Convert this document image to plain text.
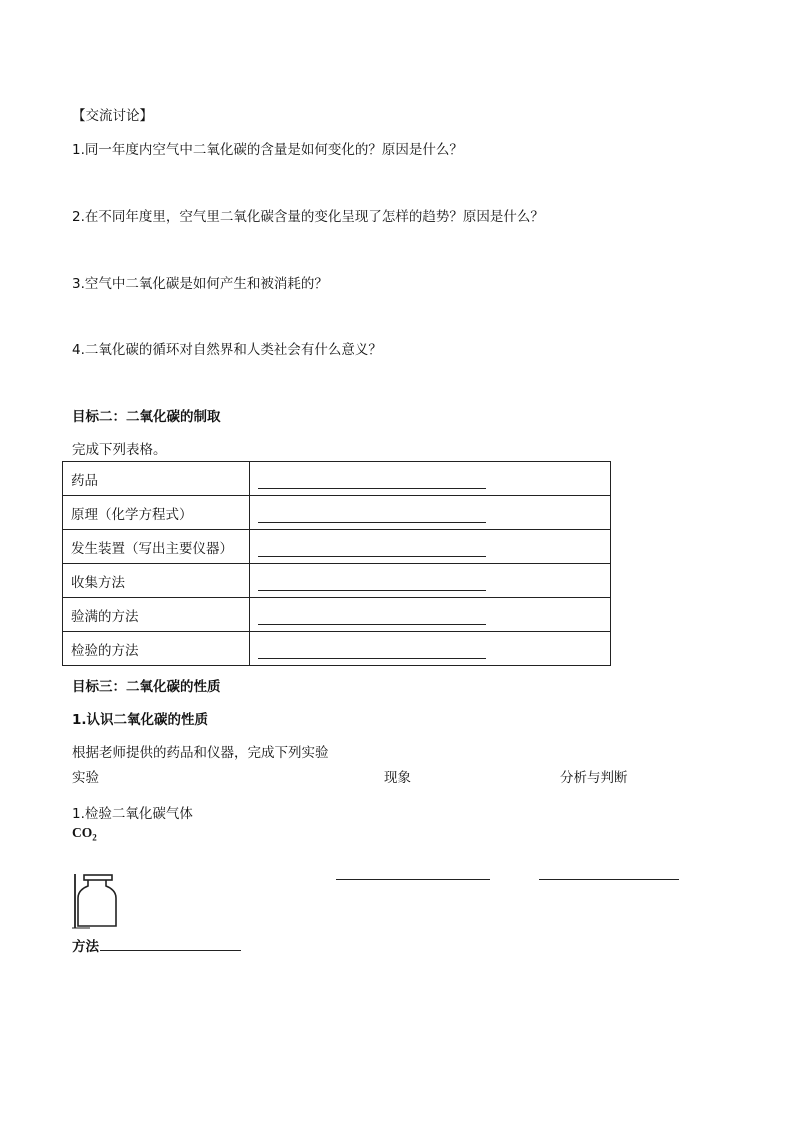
【交流讨论】
1.同一年度内空气中二氧化碳的含量是如何变化的？原因是什么？
2.在不同年度里，空气里二氧化碳含量的变化呈现了怎样的趋势？原因是什么？
3.空气中二氧化碳是如何产生和被消耗的？
4.二氧化碳的循环对自然界和人类社会有什么意义？
目标二：二氧化碳的制取
完成下列表格。
药品	
原理（化学方程式）	
发生装置（写出主要仪器）	
收集方法	
验满的方法	
检验的方法	
目标三：二氧化碳的性质
1.认识二氧化碳的性质
根据老师提供的药品和仪器，完成下列实验
实验	现象	分析与判断
1.检验二氧化碳气体
$CO_2$
方法
